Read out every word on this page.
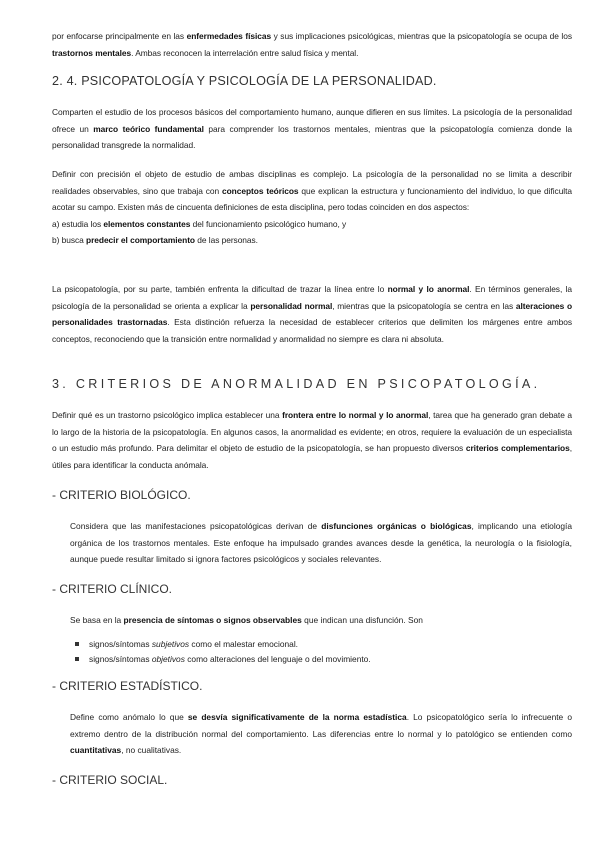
por enfocarse principalmente en las enfermedades físicas y sus implicaciones psicológicas, mientras que la psicopatología se ocupa de los trastornos mentales. Ambas reconocen la interrelación entre salud física y mental.

2. 4. PSICOPATOLOGÍA Y PSICOLOGÍA DE LA PERSONALIDAD.

Comparten el estudio de los procesos básicos del comportamiento humano, aunque difieren en sus límites. La psicología de la personalidad ofrece un marco teórico fundamental para comprender los trastornos mentales, mientras que la psicopatología comienza donde la personalidad transgrede la normalidad.

Definir con precisión el objeto de estudio de ambas disciplinas es complejo. La psicología de la personalidad no se limita a describir realidades observables, sino que trabaja con conceptos teóricos que explican la estructura y funcionamiento del individuo, lo que dificulta acotar su campo. Existen más de cincuenta definiciones de esta disciplina, pero todas coinciden en dos aspectos:
a) estudia los elementos constantes del funcionamiento psicológico humano, y
b) busca predecir el comportamiento de las personas.

La psicopatología, por su parte, también enfrenta la dificultad de trazar la línea entre lo normal y lo anormal. En términos generales, la psicología de la personalidad se orienta a explicar la personalidad normal, mientras que la psicopatología se centra en las alteraciones o personalidades trastornadas. Esta distinción refuerza la necesidad de establecer criterios que delimiten los márgenes entre ambos conceptos, reconociendo que la transición entre normalidad y anormalidad no siempre es clara ni absoluta.

3. CRITERIOS DE ANORMALIDAD EN PSICOPATOLOGÍA.

Definir qué es un trastorno psicológico implica establecer una frontera entre lo normal y lo anormal, tarea que ha generado gran debate a lo largo de la historia de la psicopatología. En algunos casos, la anormalidad es evidente; en otros, requiere la evaluación de un especialista o un estudio más profundo. Para delimitar el objeto de estudio de la psicopatología, se han propuesto diversos criterios complementarios, útiles para identificar la conducta anómala.

- CRITERIO BIOLÓGICO.

Considera que las manifestaciones psicopatológicas derivan de disfunciones orgánicas o biológicas, implicando una etiología orgánica de los trastornos mentales. Este enfoque ha impulsado grandes avances desde la genética, la neurología o la fisiología, aunque puede resultar limitado si ignora factores psicológicos y sociales relevantes.

- CRITERIO CLÍNICO.

Se basa en la presencia de síntomas o signos observables que indican una disfunción. Son

signos/síntomas subjetivos como el malestar emocional.
signos/síntomas objetivos como alteraciones del lenguaje o del movimiento.
- CRITERIO ESTADÍSTICO.

Define como anómalo lo que se desvía significativamente de la norma estadística. Lo psicopatológico sería lo infrecuente o extremo dentro de la distribución normal del comportamiento. Las diferencias entre lo normal y lo patológico se entienden como cuantitativas, no cualitativas.

- CRITERIO SOCIAL.
